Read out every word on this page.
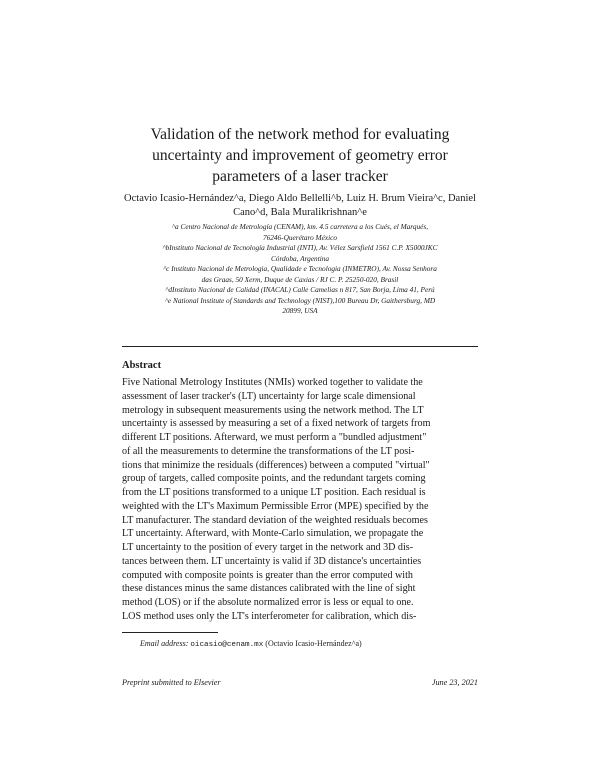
Validation of the network method for evaluating
uncertainty and improvement of geometry error
parameters of a laser tracker
Octavio Icasio-Hernández^a, Diego Aldo Bellelli^b, Luiz H. Brum Vieira^c, Daniel
Cano^d, Bala Muralikrishnan^e
^a Centro Nacional de Metrología (CENAM), km. 4.5 carretera a los Cués, el Marqués,
76246-Querétaro México
^bInstituto Nacional de Tecnología Industrial (INTI), Av. Vélez Sarsfield 1561 C.P. X5000JKC
Córdoba, Argentina
^c Instituto Nacional de Metrologia, Qualidade e Tecnologia (INMETRO), Av. Nossa Senhora
das Graas, 50 Xerm, Duque de Caxias / RJ C. P. 25250-020, Brasil
^dInstituto Nacional de Calidad (INACAL) Calle Camelias n 817, San Borja, Lima 41, Perú
^e National Institute of Standards and Technology (NIST),100 Bureau Dr, Gaithersburg, MD
20899, USA
Abstract
Five National Metrology Institutes (NMIs) worked together to validate the
assessment of laser tracker's (LT) uncertainty for large scale dimensional
metrology in subsequent measurements using the network method. The LT
uncertainty is assessed by measuring a set of a fixed network of targets from
different LT positions. Afterward, we must perform a "bundled adjustment"
of all the measurements to determine the transformations of the LT posi-
tions that minimize the residuals (differences) between a computed "virtual"
group of targets, called composite points, and the redundant targets coming
from the LT positions transformed to a unique LT position. Each residual is
weighted with the LT's Maximum Permissible Error (MPE) specified by the
LT manufacturer. The standard deviation of the weighted residuals becomes
LT uncertainty. Afterward, with Monte-Carlo simulation, we propagate the
LT uncertainty to the position of every target in the network and 3D dis-
tances between them. LT uncertainty is valid if 3D distance's uncertainties
computed with composite points is greater than the error computed with
these distances minus the same distances calibrated with the line of sight
method (LOS) or if the absolute normalized error is less or equal to one.
LOS method uses only the LT's interferometer for calibration, which dis-
Email address: oicasio@cenam.mx (Octavio Icasio-Hernández^a)
Preprint submitted to Elsevier	June 23, 2021
